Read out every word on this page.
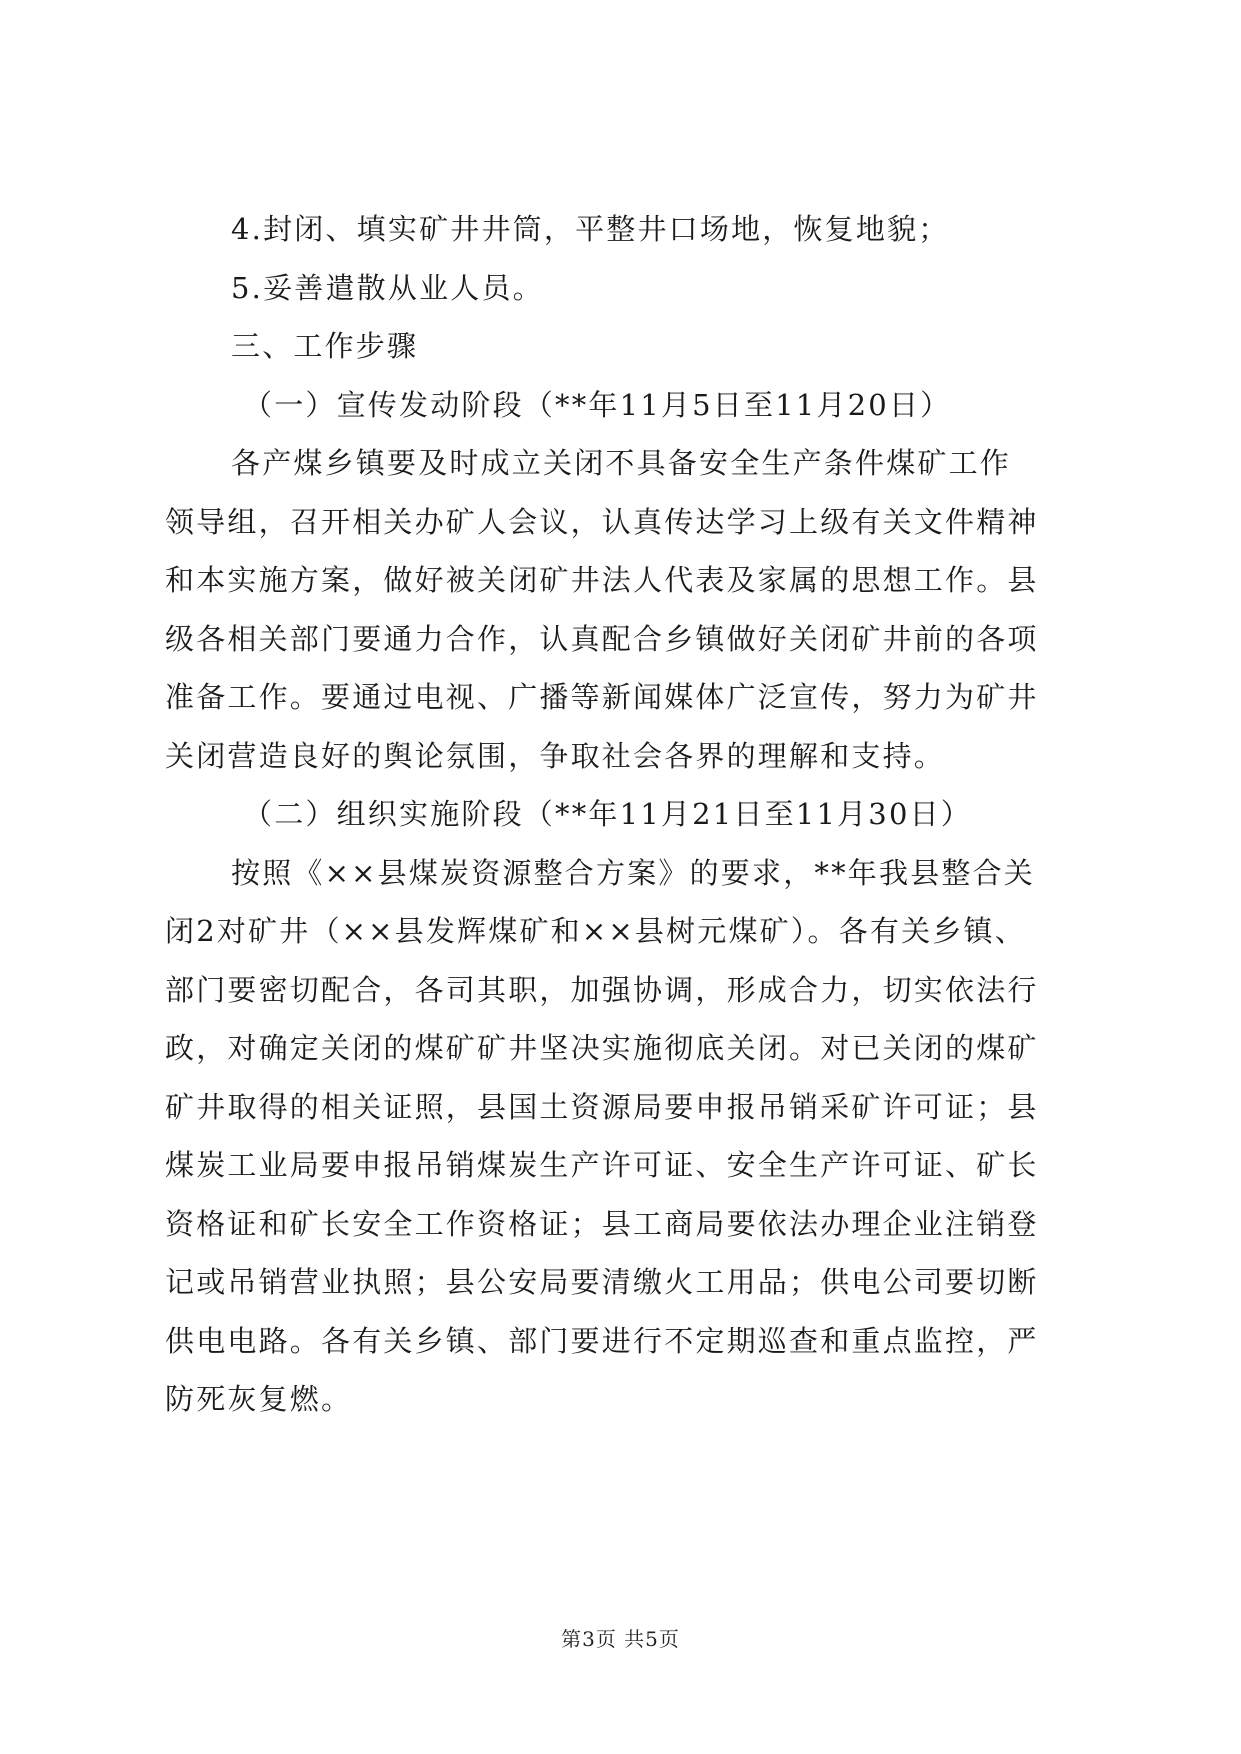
4.封闭、填实矿井井筒，平整井口场地，恢复地貌；
5.妥善遣散从业人员。
三、工作步骤
（一）宣传发动阶段（**年11月5日至11月20日）
各产煤乡镇要及时成立关闭不具备安全生产条件煤矿工作
领导组，召开相关办矿人会议，认真传达学习上级有关文件精神
和本实施方案，做好被关闭矿井法人代表及家属的思想工作。县
级各相关部门要通力合作，认真配合乡镇做好关闭矿井前的各项
准备工作。要通过电视、广播等新闻媒体广泛宣传，努力为矿井
关闭营造良好的舆论氛围，争取社会各界的理解和支持。
（二）组织实施阶段（**年11月21日至11月30日）
按照《××县煤炭资源整合方案》的要求，**年我县整合关
闭2对矿井（××县发辉煤矿和××县树元煤矿）。各有关乡镇、
部门要密切配合，各司其职，加强协调，形成合力，切实依法行
政，对确定关闭的煤矿矿井坚决实施彻底关闭。对已关闭的煤矿
矿井取得的相关证照，县国土资源局要申报吊销采矿许可证；县
煤炭工业局要申报吊销煤炭生产许可证、安全生产许可证、矿长
资格证和矿长安全工作资格证；县工商局要依法办理企业注销登
记或吊销营业执照；县公安局要清缴火工用品；供电公司要切断
供电电路。各有关乡镇、部门要进行不定期巡查和重点监控，严
防死灰复燃。
第3页 共5页
